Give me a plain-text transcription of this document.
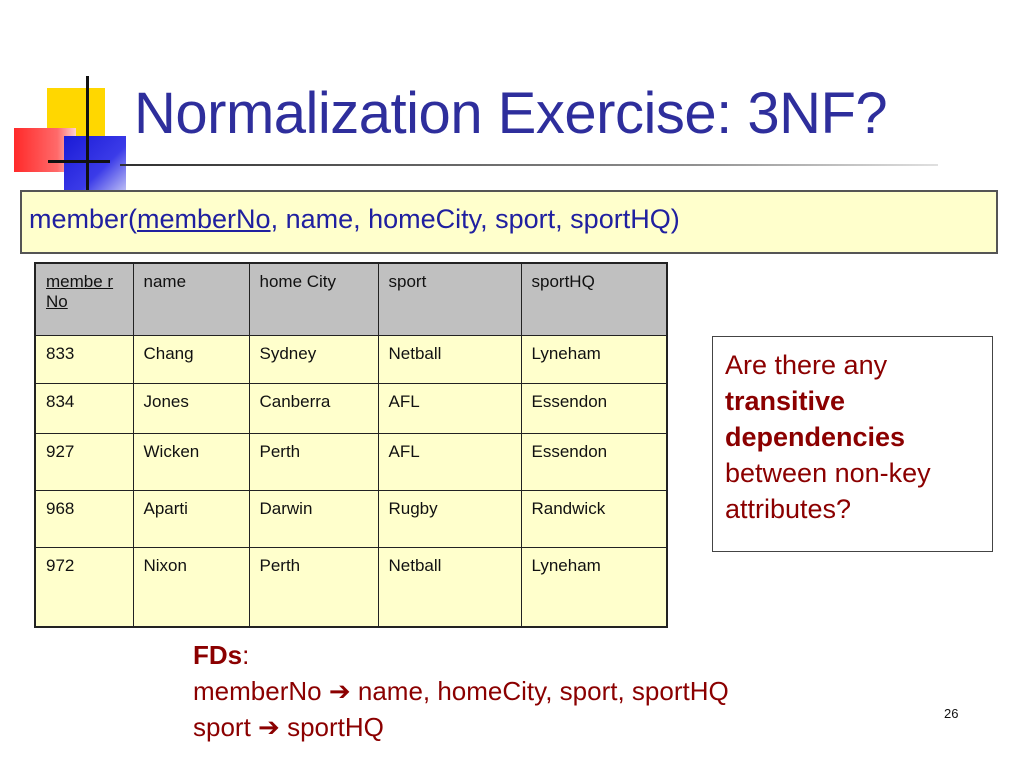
Normalization Exercise: 3NF?
member(memberNo, name, homeCity, sport, sportHQ)
membe r No	name	home City	sport	sportHQ
833	Chang	Sydney	Netball	Lyneham
834	Jones	Canberra	AFL	Essendon
927	Wicken	Perth	AFL	Essendon
968	Aparti	Darwin	Rugby	Randwick
972	Nixon	Perth	Netball	Lyneham
Are there any
transitive
dependencies
between non-key attributes?
FDs:
memberNo ➔ name, homeCity, sport, sportHQ
sport ➔ sportHQ	26
